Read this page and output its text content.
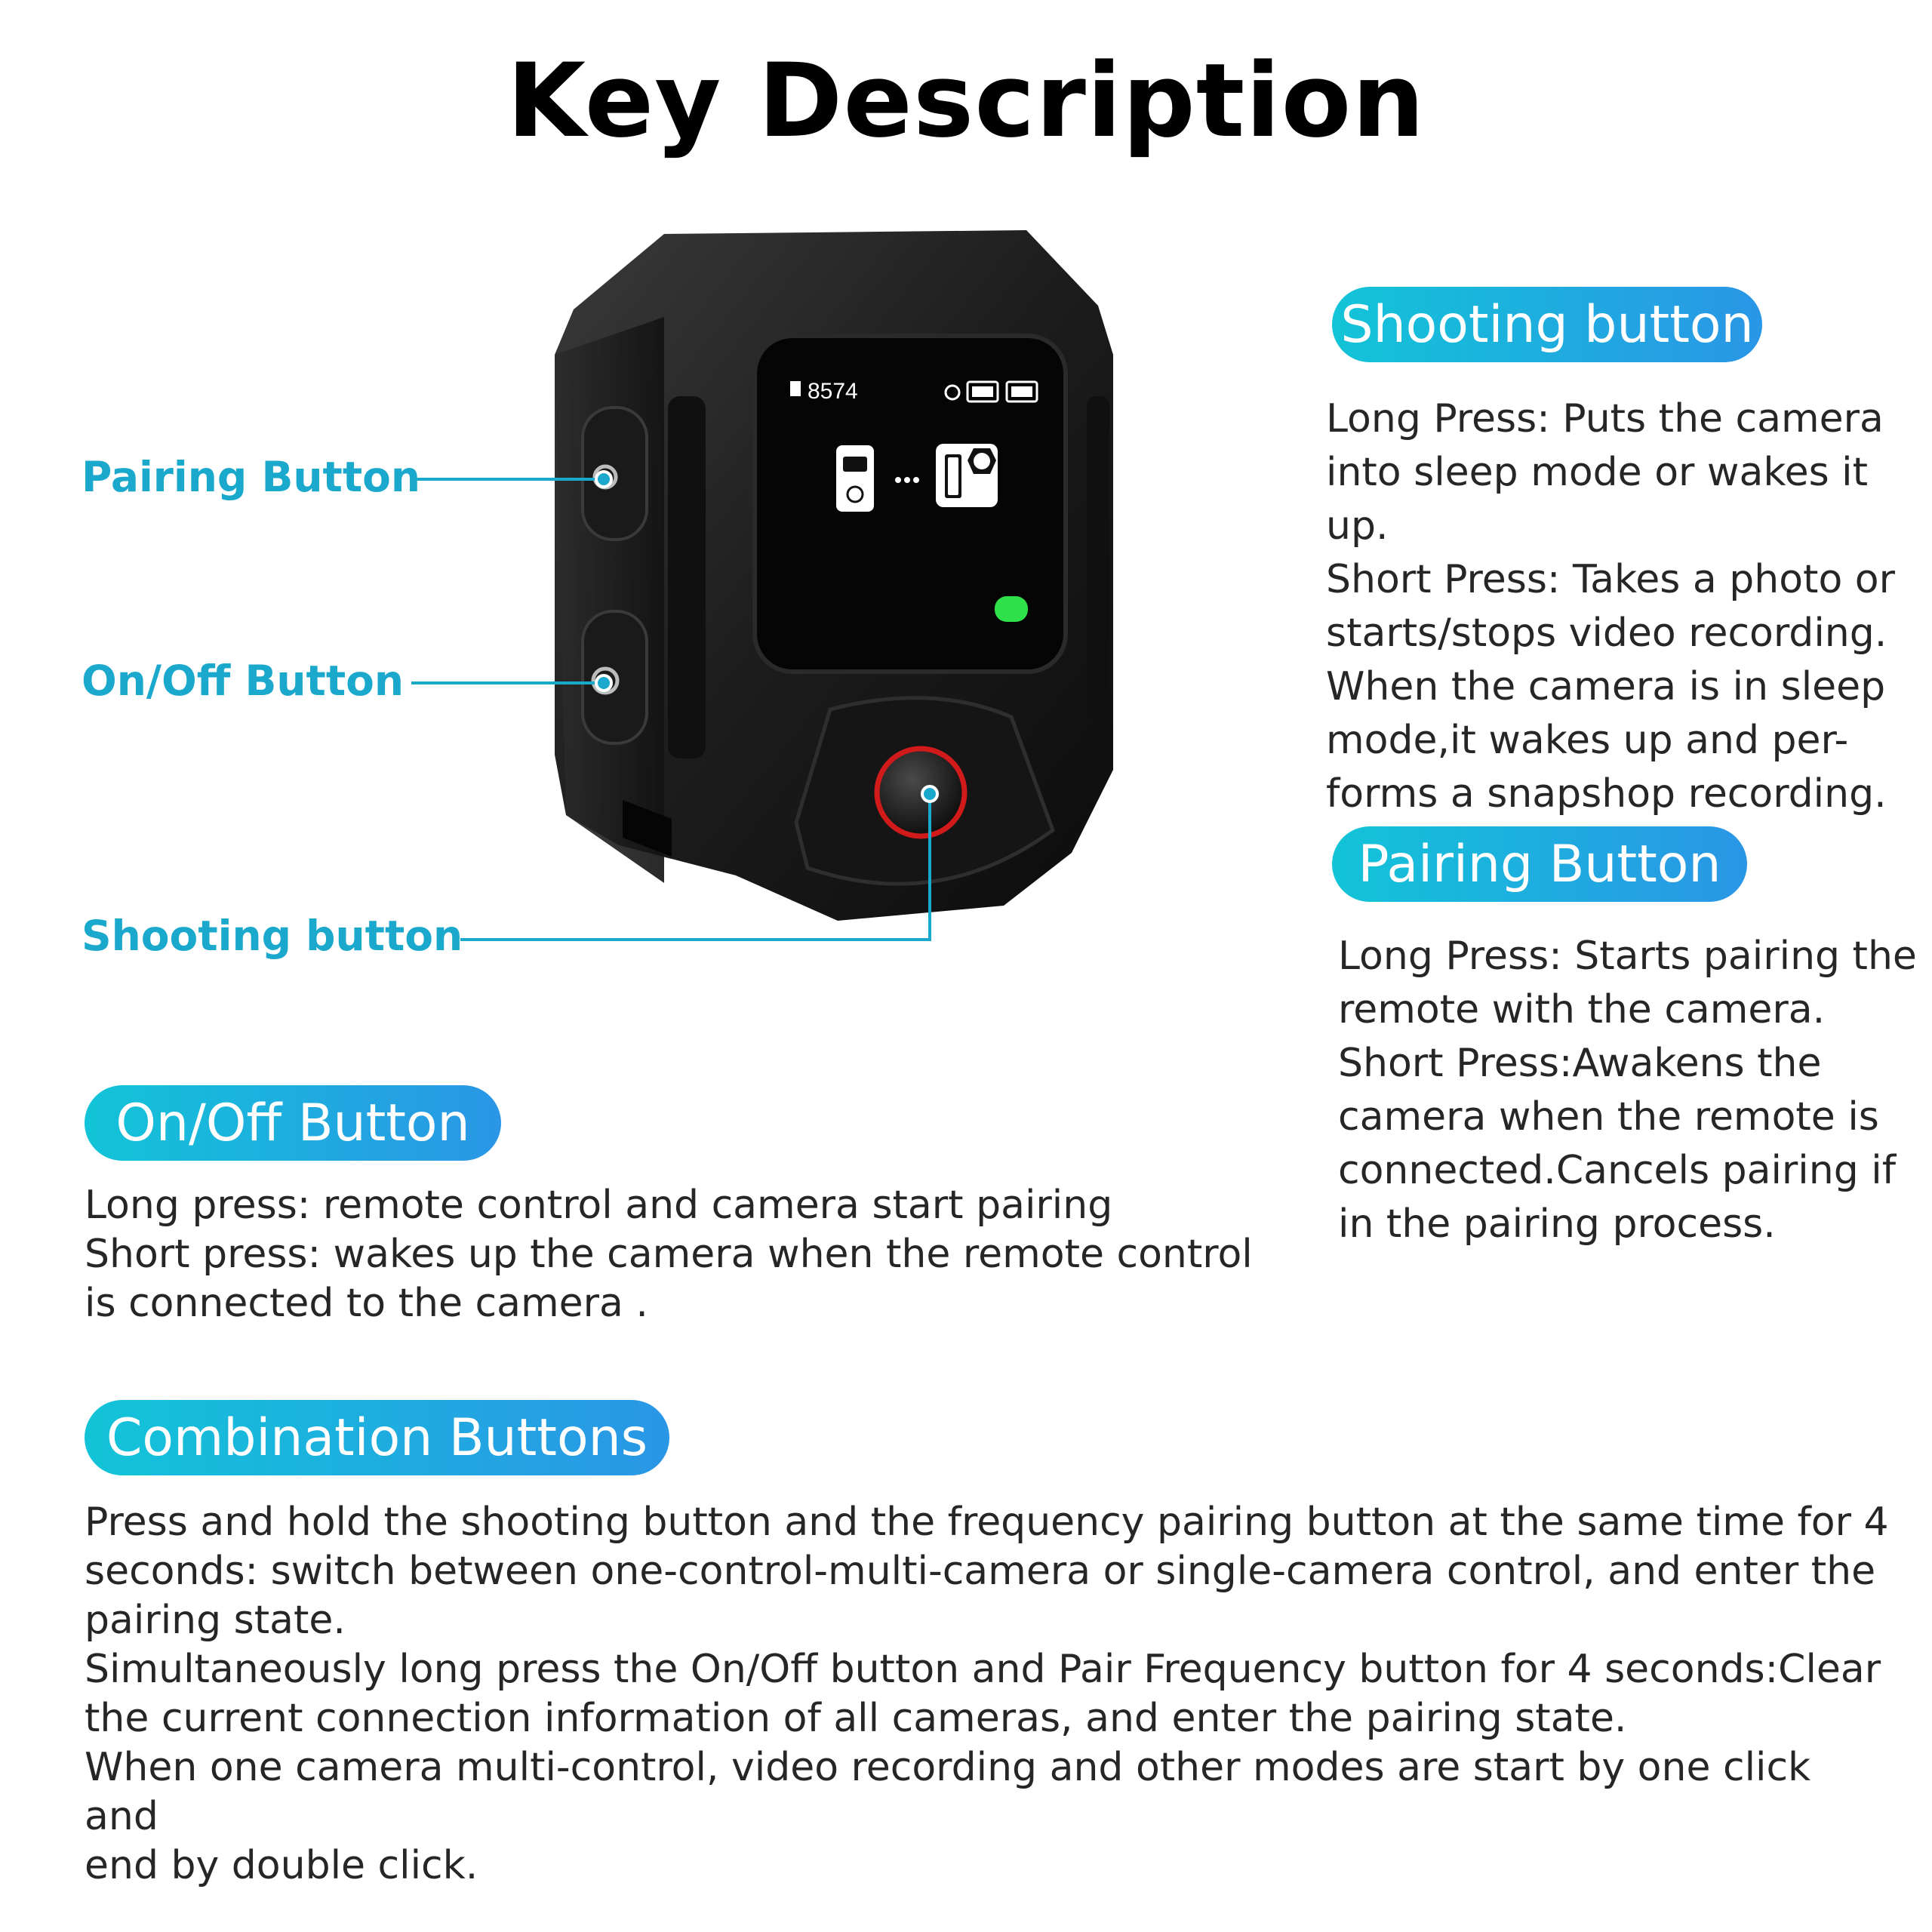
Key Description
8574
Pairing Button
On/Off Button
Shooting button
Shooting button
Long Press: Puts the camera
into sleep mode or wakes it up.
Short Press: Takes a photo or
starts/stops video recording.
When the camera is in sleep
mode,it wakes up and per-
forms a snapshop recording.
Pairing Button
Long Press: Starts pairing the
remote with the camera.
Short Press:Awakens the
camera when the remote is
connected.Cancels pairing if
in the pairing process.
On/Off Button
Long press: remote control and camera start pairing
Short press: wakes up the camera when the remote control
is connected to the camera .
Combination Buttons
Press and hold the shooting button and the frequency pairing button at the same time for 4
seconds: switch between one-control-multi-camera or single-camera control, and enter the
pairing state.
Simultaneously long press the On/Off button and Pair Frequency button for 4 seconds:Clear
the current connection information of all cameras, and enter the pairing state.
When one camera multi-control, video recording and other modes are start by one click and
end by double click.
